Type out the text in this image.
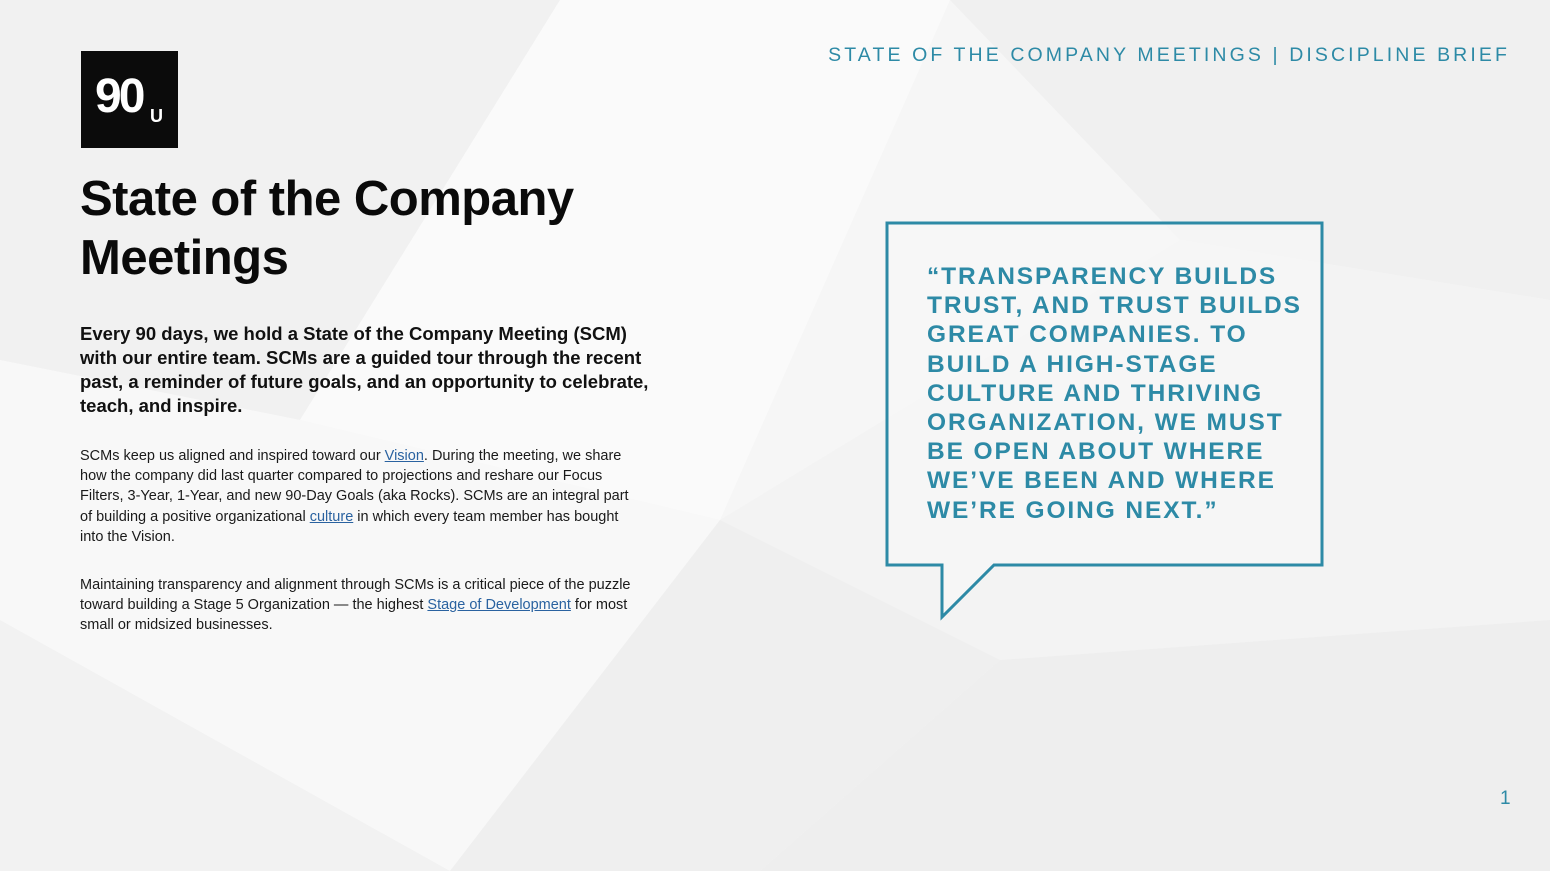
STATE OF THE COMPANY MEETINGS | DISCIPLINE BRIEF
90 U
State of the Company Meetings

Every 90 days, we hold a State of the Company Meeting (SCM) with our entire team. SCMs are a guided tour through the recent past, a reminder of future goals, and an opportunity to celebrate, teach, and inspire.

SCMs keep us aligned and inspired toward our Vision. During the meeting, we share how the company did last quarter compared to projections and reshare our Focus Filters, 3-Year, 1-Year, and new 90-Day Goals (aka Rocks). SCMs are an integral part of building a positive organizational culture in which every team member has bought into the Vision.

Maintaining transparency and alignment through SCMs is a critical piece of the puzzle toward building a Stage 5 Organization — the highest Stage of Development for most small or midsized businesses.

“TRANSPARENCY BUILDS TRUST, AND TRUST BUILDS GREAT COMPANIES. TO BUILD A HIGH-STAGE CULTURE AND THRIVING ORGANIZATION, WE MUST BE OPEN ABOUT WHERE WE’VE BEEN AND WHERE WE’RE GOING NEXT.”

1
